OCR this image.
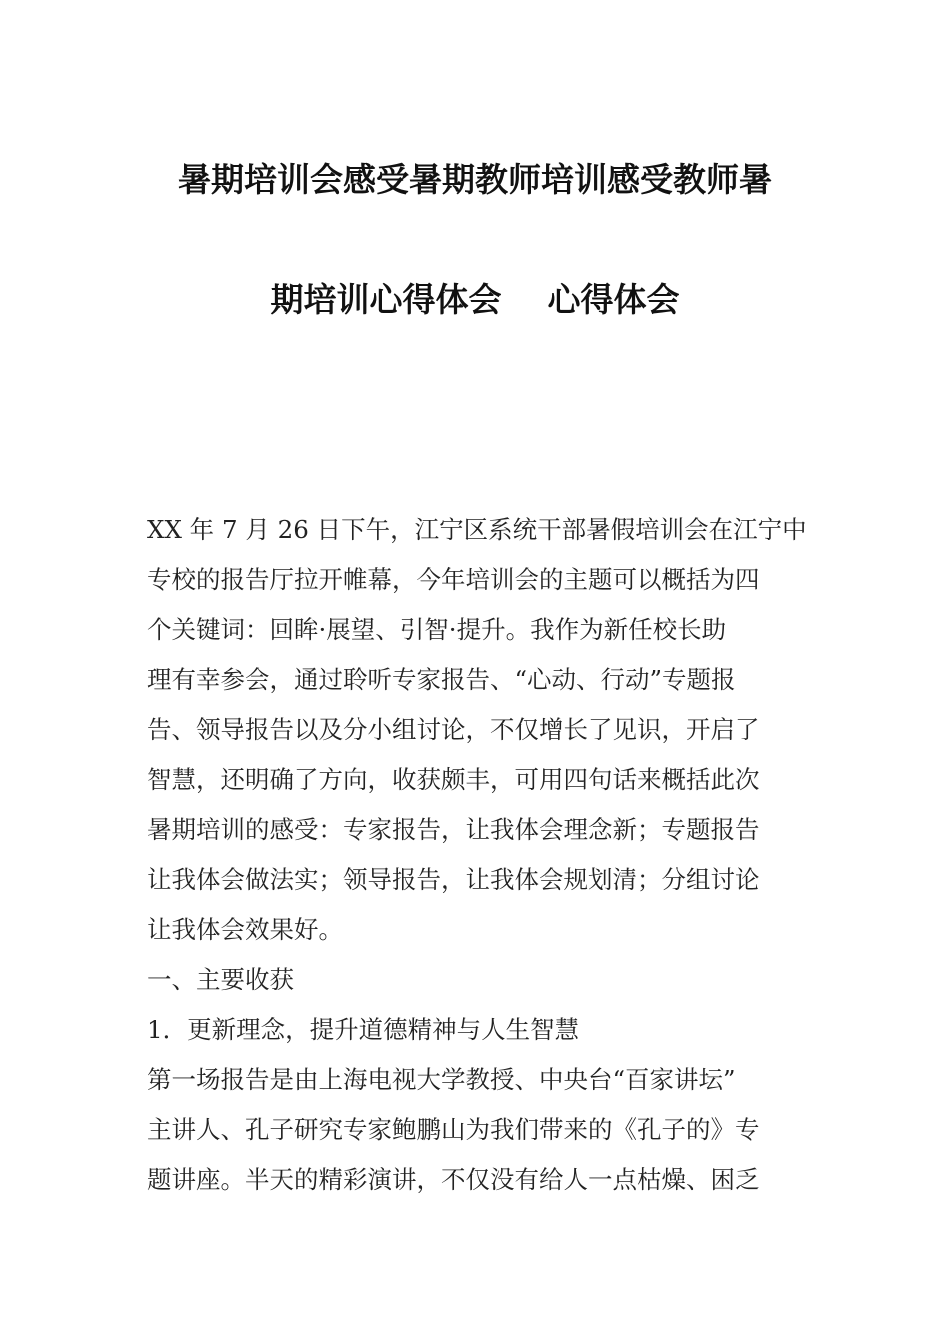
暑期培训会感受暑期教师培训感受教师暑
期培训心得体会    心得体会
XX 年 7 月 26 日下午，江宁区系统干部暑假培训会在江宁中
专校的报告厅拉开帷幕，今年培训会的主题可以概括为四
个关键词：回眸·展望、引智·提升。我作为新任校长助
理有幸参会，通过聆听专家报告、“心动、行动”专题报
告、领导报告以及分小组讨论，不仅增长了见识，开启了
智慧，还明确了方向，收获颇丰，可用四句话来概括此次
暑期培训的感受：专家报告，让我体会理念新；专题报告
让我体会做法实；领导报告，让我体会规划清；分组讨论
让我体会效果好。
一、主要收获
1．更新理念，提升道德精神与人生智慧
第一场报告是由上海电视大学教授、中央台“百家讲坛”
主讲人、孔子研究专家鲍鹏山为我们带来的《孔子的》专
题讲座。半天的精彩演讲，不仅没有给人一点枯燥、困乏
